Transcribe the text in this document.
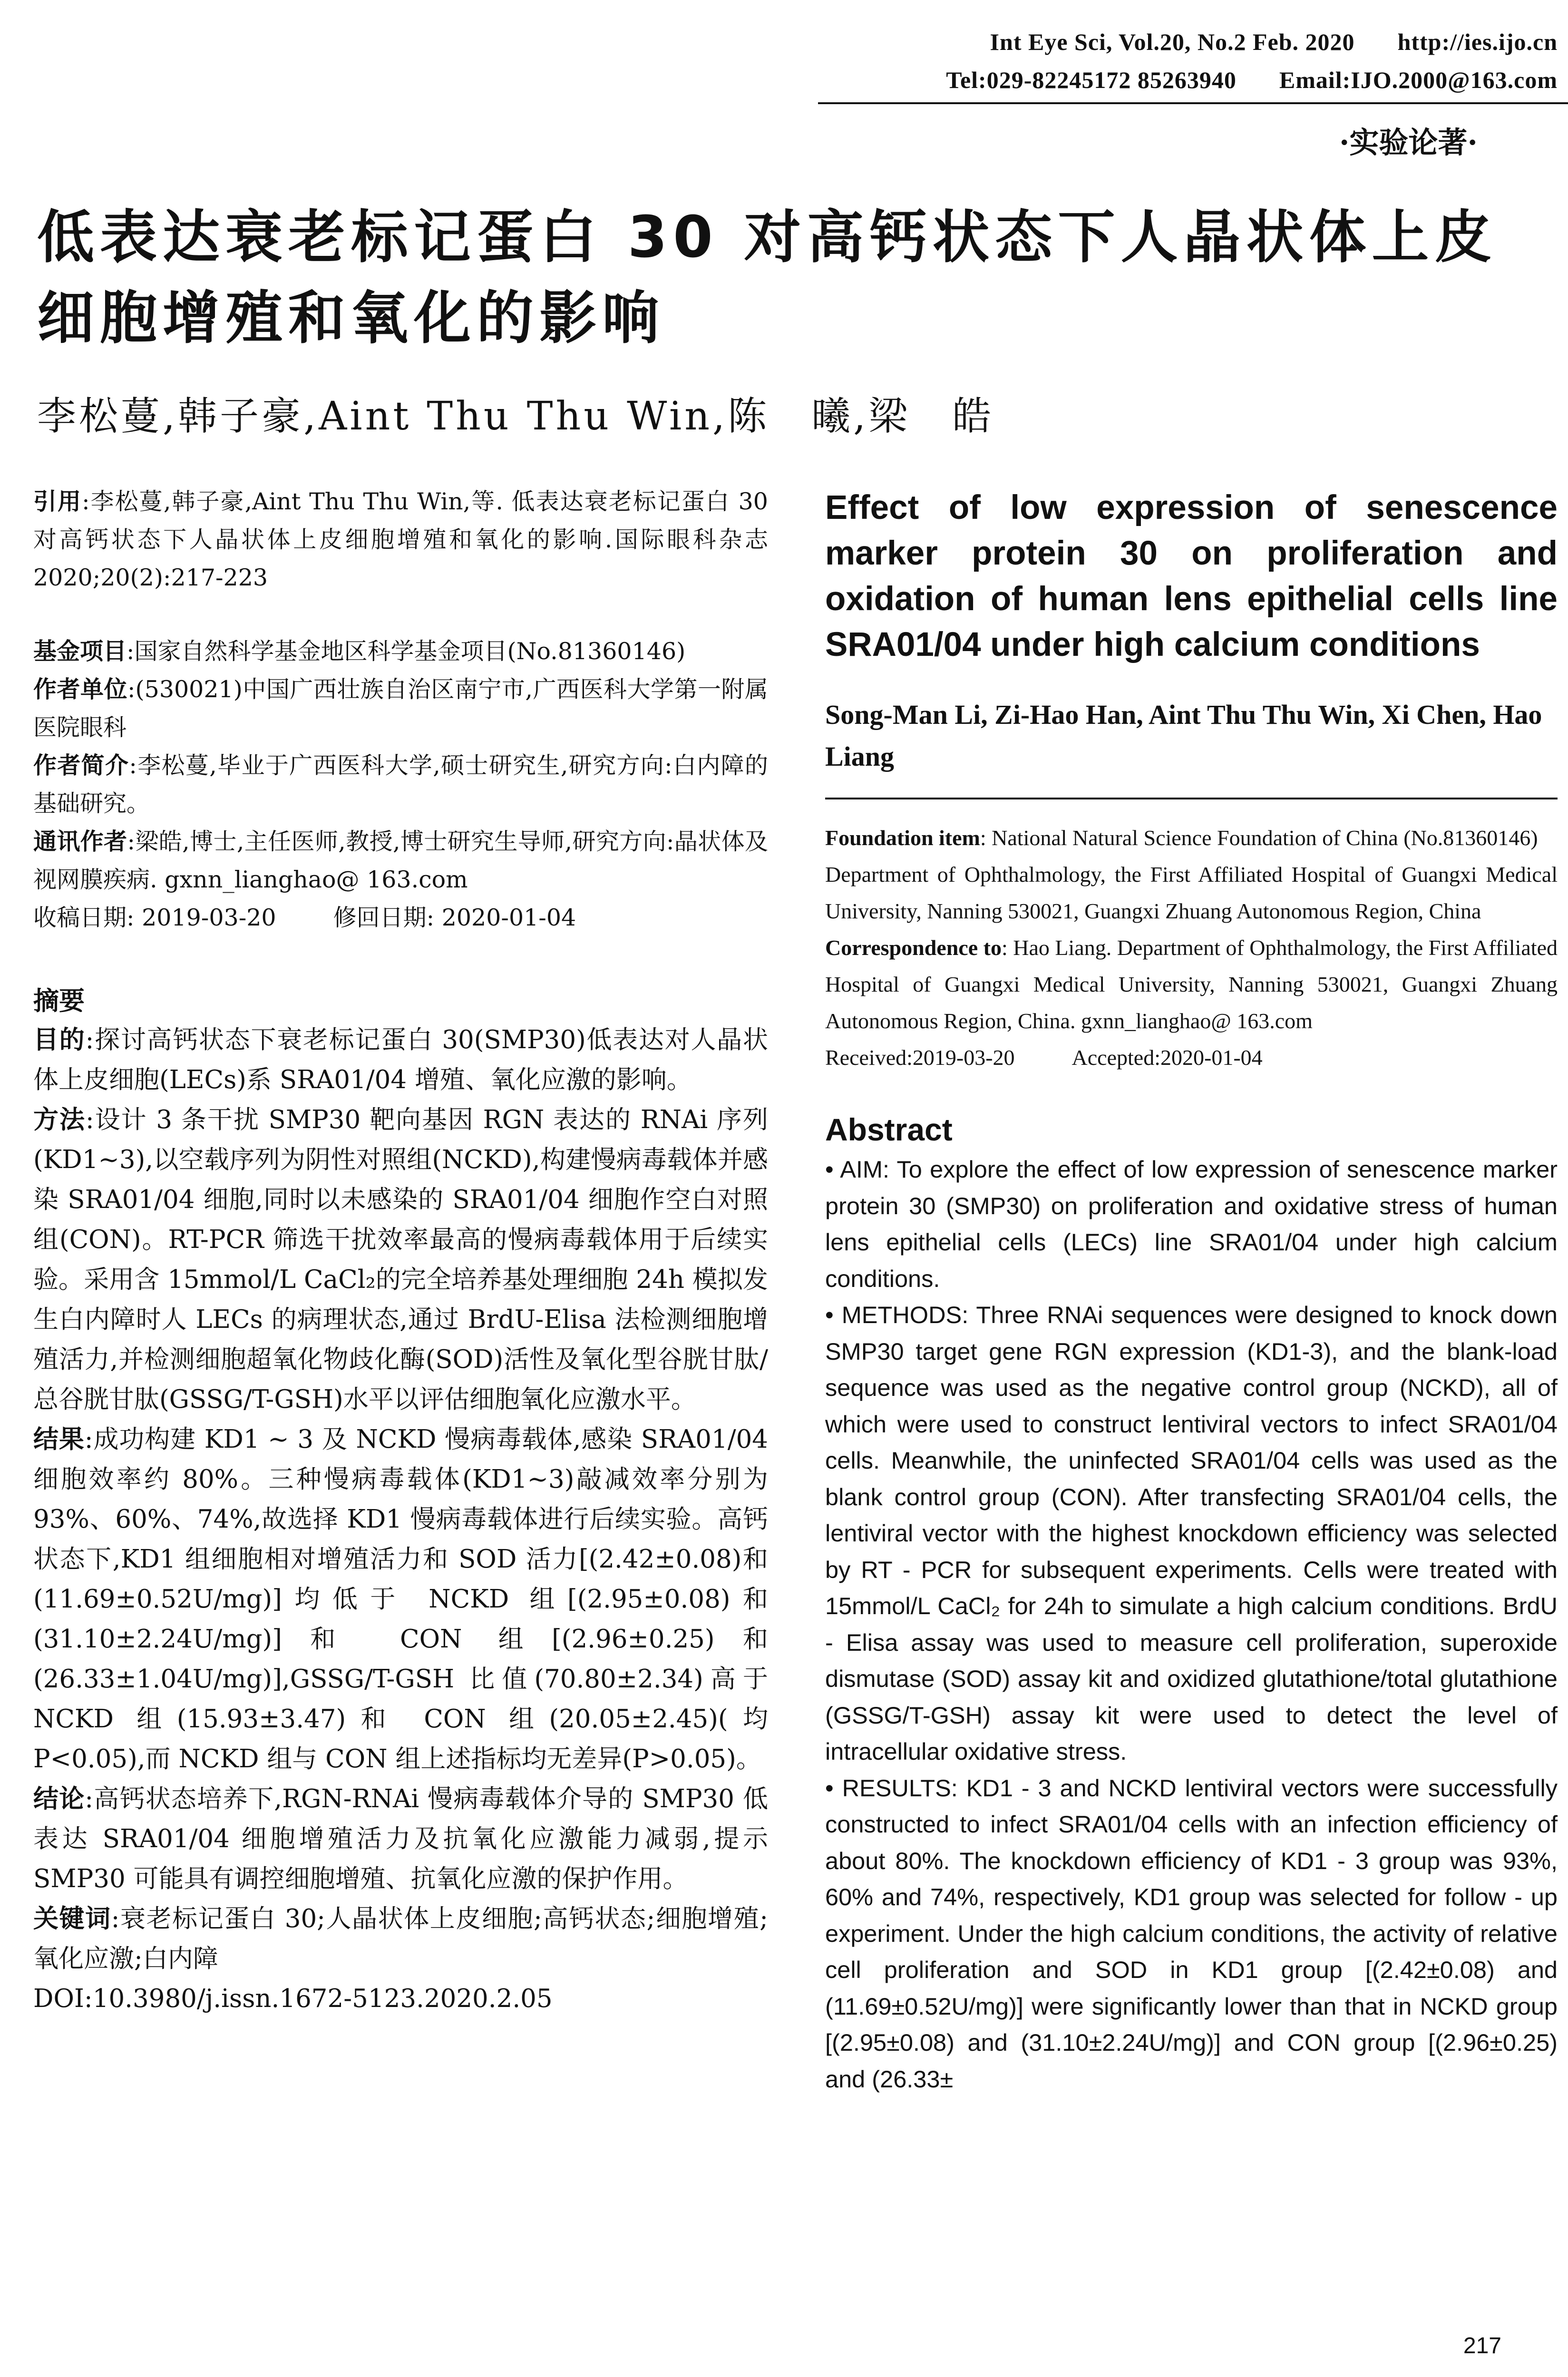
Int Eye Sci, Vol.20, No.2 Feb. 2020 http://ies.ijo.cn
Tel:029-82245172 85263940 Email:IJO.2000@163.com
·实验论著·
低表达衰老标记蛋白 30 对高钙状态下人晶状体上皮细胞增殖和氧化的影响
李松蔓,韩子豪,Aint Thu Thu Win,陈　曦,梁　皓

引用:李松蔓,韩子豪,Aint Thu Thu Win,等. 低表达衰老标记蛋白 30 对高钙状态下人晶状体上皮细胞增殖和氧化的影响.国际眼科杂志 2020;20(2):217-223

基金项目:国家自然科学基金地区科学基金项目(No.81360146)

作者单位:(530021)中国广西壮族自治区南宁市,广西医科大学第一附属医院眼科

作者简介:李松蔓,毕业于广西医科大学,硕士研究生,研究方向:白内障的基础研究。

通讯作者:梁皓,博士,主任医师,教授,博士研究生导师,研究方向:晶状体及视网膜疾病. gxnn_lianghao@ 163.com

收稿日期: 2019-03-20 修回日期: 2020-01-04

摘要

目的:探讨高钙状态下衰老标记蛋白 30(SMP30)低表达对人晶状体上皮细胞(LECs)系 SRA01/04 增殖、氧化应激的影响。

方法:设计 3 条干扰 SMP30 靶向基因 RGN 表达的 RNAi 序列(KD1~3),以空载序列为阴性对照组(NCKD),构建慢病毒载体并感染 SRA01/04 细胞,同时以未感染的 SRA01/04 细胞作空白对照组(CON)。RT-PCR 筛选干扰效率最高的慢病毒载体用于后续实验。采用含 15mmol/L CaCl₂的完全培养基处理细胞 24h 模拟发生白内障时人 LECs 的病理状态,通过 BrdU-Elisa 法检测细胞增殖活力,并检测细胞超氧化物歧化酶(SOD)活性及氧化型谷胱甘肽/总谷胱甘肽(GSSG/T-GSH)水平以评估细胞氧化应激水平。

结果:成功构建 KD1 ~ 3 及 NCKD 慢病毒载体,感染 SRA01/04 细胞效率约 80%。三种慢病毒载体(KD1~3)敲减效率分别为 93%、60%、74%,故选择 KD1 慢病毒载体进行后续实验。高钙状态下,KD1 组细胞相对增殖活力和 SOD 活力[(2.42±0.08)和(11.69±0.52U/mg)]均低于 NCKD 组[(2.95±0.08)和(31.10±2.24U/mg)]和 CON 组[(2.96±0.25)和(26.33±1.04U/mg)],GSSG/T-GSH 比值(70.80±2.34)高于 NCKD 组(15.93±3.47)和 CON 组(20.05±2.45)(均 P<0.05),而 NCKD 组与 CON 组上述指标均无差异(P>0.05)。

结论:高钙状态培养下,RGN-RNAi 慢病毒载体介导的 SMP30 低表达 SRA01/04 细胞增殖活力及抗氧化应激能力减弱,提示 SMP30 可能具有调控细胞增殖、抗氧化应激的保护作用。

关键词:衰老标记蛋白 30;人晶状体上皮细胞;高钙状态;细胞增殖;氧化应激;白内障

DOI:10.3980/j.issn.1672-5123.2020.2.05

Effect of low expression of senescence marker protein 30 on proliferation and oxidation of human lens epithelial cells line SRA01/04 under high calcium conditions

Song-Man Li, Zi-Hao Han, Aint Thu Thu Win, Xi Chen, Hao Liang

Foundation item: National Natural Science Foundation of China (No.81360146)
Department of Ophthalmology, the First Affiliated Hospital of Guangxi Medical University, Nanning 530021, Guangxi Zhuang Autonomous Region, China
Correspondence to: Hao Liang. Department of Ophthalmology, the First Affiliated Hospital of Guangxi Medical University, Nanning 530021, Guangxi Zhuang Autonomous Region, China. gxnn_lianghao@ 163.com
Received:2019-03-20	Accepted:2020-01-04
Abstract

• AIM: To explore the effect of low expression of senescence marker protein 30 (SMP30) on proliferation and oxidative stress of human lens epithelial cells (LECs) line SRA01/04 under high calcium conditions.

• METHODS: Three RNAi sequences were designed to knock down SMP30 target gene RGN expression (KD1-3), and the blank-load sequence was used as the negative control group (NCKD), all of which were used to construct lentiviral vectors to infect SRA01/04 cells. Meanwhile, the uninfected SRA01/04 cells was used as the blank control group (CON). After transfecting SRA01/04 cells, the lentiviral vector with the highest knockdown efficiency was selected by RT - PCR for subsequent experiments. Cells were treated with 15mmol/L CaCl₂ for 24h to simulate a high calcium conditions. BrdU - Elisa assay was used to measure cell proliferation, superoxide dismutase (SOD) assay kit and oxidized glutathione/total glutathione (GSSG/T-GSH) assay kit were used to detect the level of intracellular oxidative stress.

• RESULTS: KD1 - 3 and NCKD lentiviral vectors were successfully constructed to infect SRA01/04 cells with an infection efficiency of about 80%. The knockdown efficiency of KD1 - 3 group was 93%, 60% and 74%, respectively, KD1 group was selected for follow - up experiment. Under the high calcium conditions, the activity of relative cell proliferation and SOD in KD1 group [(2.42±0.08) and (11.69±0.52U/mg)] were significantly lower than that in NCKD group [(2.95±0.08) and (31.10±2.24U/mg)] and CON group [(2.96±0.25) and (26.33±

217
